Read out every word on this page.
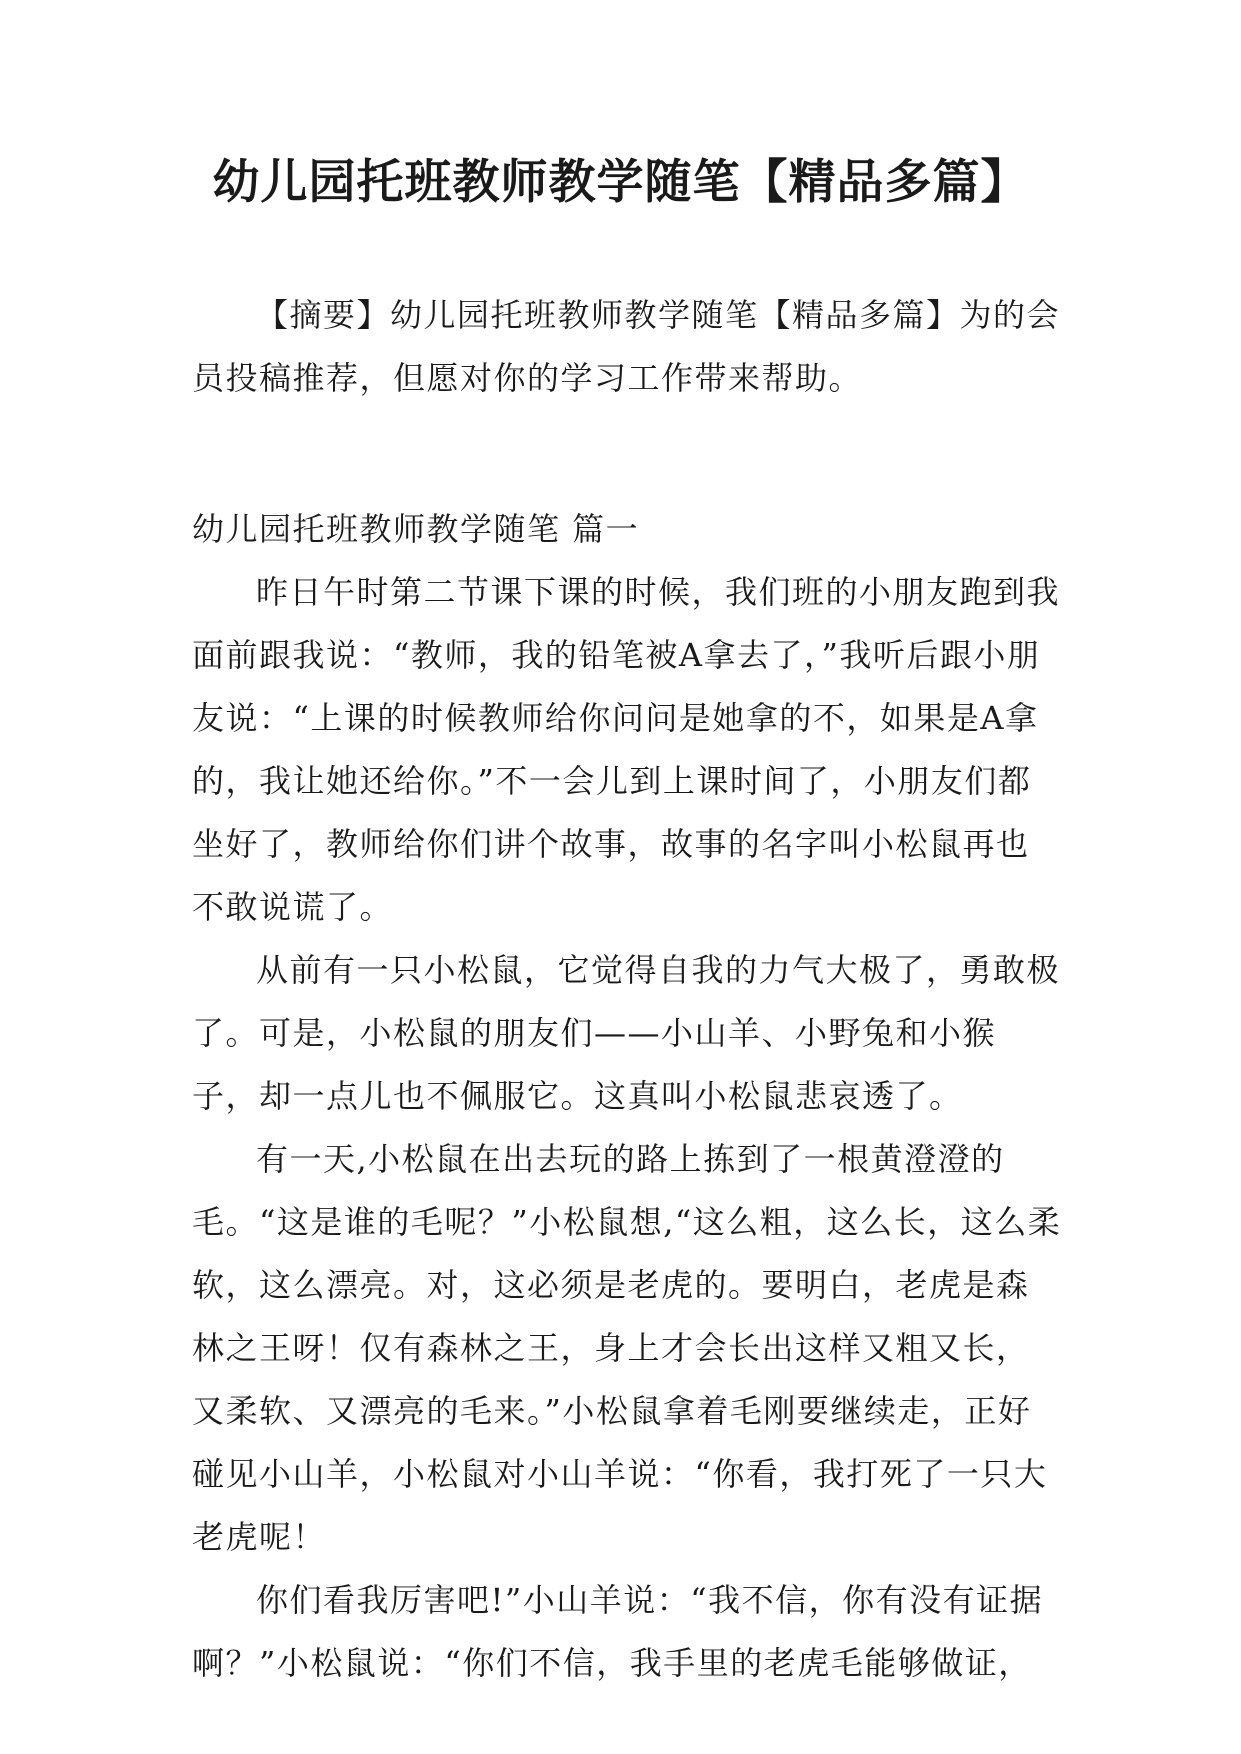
幼儿园托班教师教学随笔【精品多篇】

【摘要】幼儿园托班教师教学随笔【精品多篇】为的会员投稿推荐，但愿对你的学习工作带来帮助。

幼儿园托班教师教学随笔 篇一

昨日午时第二节课下课的时候，我们班的小朋友跑到我面前跟我说：“教师，我的铅笔被A拿去了，”我听后跟小朋友说：“上课的时候教师给你问问是她拿的不，如果是A拿的，我让她还给你。”不一会儿到上课时间了，小朋友们都坐好了，教师给你们讲个故事，故事的名字叫小松鼠再也不敢说谎了。

从前有一只小松鼠，它觉得自我的力气大极了，勇敢极了。可是，小松鼠的朋友们——小山羊、小野兔和小猴子，却一点儿也不佩服它。这真叫小松鼠悲哀透了。

有一天,小松鼠在出去玩的路上拣到了一根黄澄澄的毛。“这是谁的毛呢？”小松鼠想,“这么粗，这么长，这么柔软，这么漂亮。对，这必须是老虎的。要明白，老虎是森林之王呀！仅有森林之王，身上才会长出这样又粗又长，又柔软、又漂亮的毛来。”小松鼠拿着毛刚要继续走，正好碰见小山羊，小松鼠对小山羊说：“你看，我打死了一只大老虎呢！

你们看我厉害吧!”小山羊说：“我不信，你有没有证据啊？”小松鼠说：“你们不信，我手里的老虎毛能够做证，
